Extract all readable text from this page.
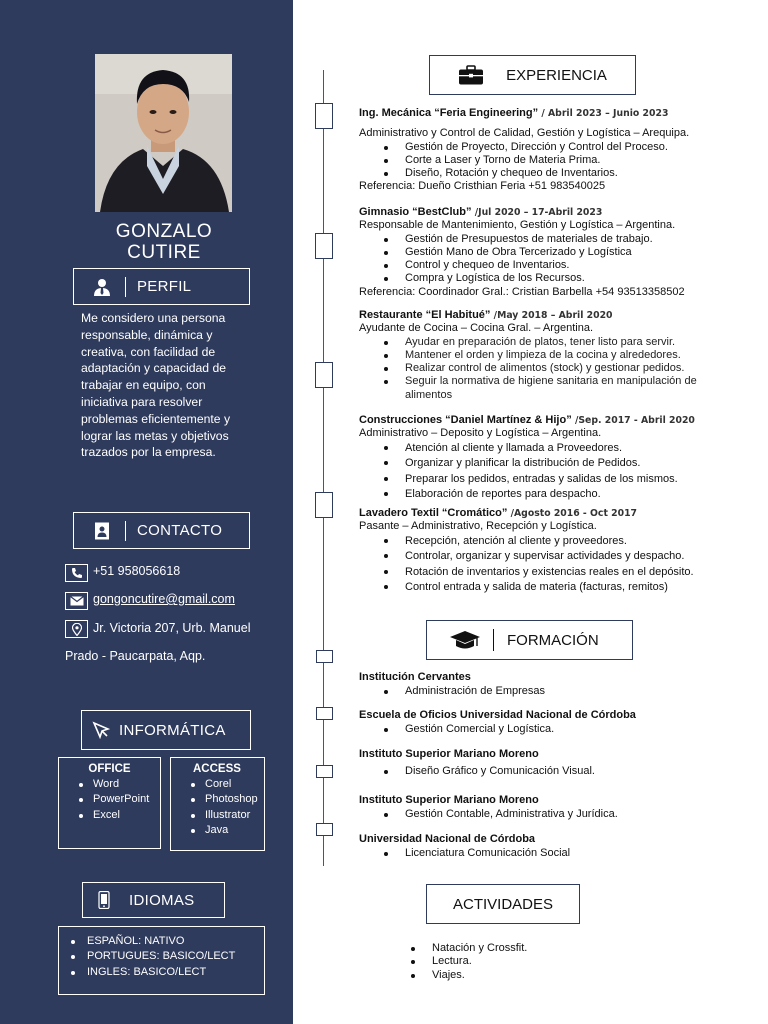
GONZALO
CUTIRE
PERFIL
Me considero una persona
responsable, dinámica y
creativa, con facilidad de
adaptación y capacidad de
trabajar en equipo, con
iniciativa para resolver
problemas eficientemente y
lograr las metas y objetivos
trazados por la empresa.
CONTACTO
+51 958056618
gongoncutire@gmail.com
Jr. Victoria 207, Urb. Manuel
Prado - Paucarpata, Aqp.
INFORMÁTICA
OFFICE
Word
PowerPoint
Excel
ACCESS
Corel
Photoshop
Illustrator
Java
IDIOMAS
ESPAÑOL: NATIVO
PORTUGUES: BASICO/LECT
INGLES: BASICO/LECT
EXPERIENCIA
Ing. Mecánica “Feria Engineering” / Abril 2023 – Junio 2023
Administrativo y Control de Calidad, Gestión y Logística – Arequipa.
Gestión de Proyecto, Dirección y Control del Proceso.
Corte a Laser y Torno de Materia Prima.
Diseño, Rotación y chequeo de Inventarios.
Referencia: Dueño Cristhian Feria +51 983540025
Gimnasio “BestClub” /Jul 2020 – 17-Abril 2023
Responsable de Mantenimiento, Gestión y Logística – Argentina.
Gestión de Presupuestos de materiales de trabajo.
Gestión Mano de Obra Tercerizado y Logística
Control y chequeo de Inventarios.
Compra y Logística de los Recursos.
Referencia: Coordinador Gral.: Cristian Barbella +54 93513358502
Restaurante “El Habitué” /May 2018 – Abril 2020
Ayudante de Cocina – Cocina Gral. – Argentina.
Ayudar en preparación de platos, tener listo para servir.
Mantener el orden y limpieza de la cocina y alrededores.
Realizar control de alimentos (stock) y gestionar pedidos.
Seguir la normativa de higiene sanitaria en manipulación de alimentos
Construcciones “Daniel Martínez & Hijo” /Sep. 2017 - Abril 2020
Administrativo – Deposito y Logística – Argentina.
Atención al cliente y llamada a Proveedores.
Organizar y planificar la distribución de Pedidos.
Preparar los pedidos, entradas y salidas de los mismos.
Elaboración de reportes para despacho.
Lavadero Textil “Cromático” /Agosto 2016 - Oct 2017
Pasante – Administrativo, Recepción y Logística.
Recepción, atención al cliente y proveedores.
Controlar, organizar y supervisar actividades y despacho.
Rotación de inventarios y existencias reales en el depósito.
Control entrada y salida de materia (facturas, remitos)
FORMACIÓN
Institución Cervantes
Administración de Empresas
Escuela de Oficios Universidad Nacional de Córdoba
Gestión Comercial y Logística.
Instituto Superior Mariano Moreno
Diseño Gráfico y Comunicación Visual.
Instituto Superior Mariano Moreno
Gestión Contable, Administrativa y Jurídica.
Universidad Nacional de Córdoba
Licenciatura Comunicación Social
ACTIVIDADES
Natación y Crossfit.
Lectura.
Viajes.
